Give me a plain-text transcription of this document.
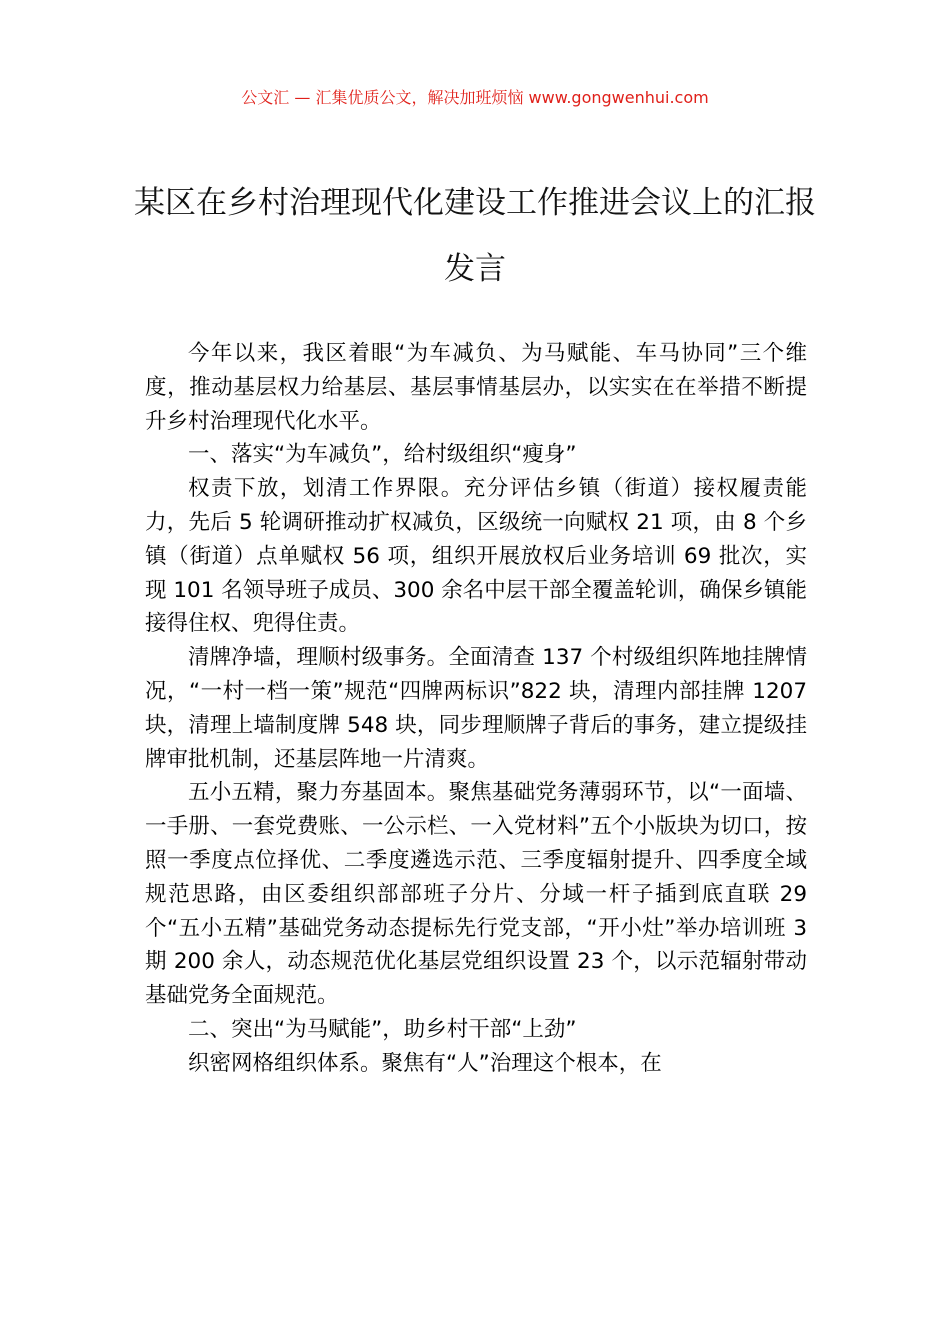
公文汇 — 汇集优质公文，解决加班烦恼 www.gongwenhui.com
某区在乡村治理现代化建设工作推进会议上的汇报发言

今年以来，我区着眼“为车减负、为马赋能、车马协同”三个维度，推动基层权力给基层、基层事情基层办，以实实在在举措不断提升乡村治理现代化水平。

一、落实“为车减负”，给村级组织“瘦身”

权责下放，划清工作界限。充分评估乡镇（街道）接权履责能力，先后 5 轮调研推动扩权减负，区级统一向赋权 21 项，由 8 个乡镇（街道）点单赋权 56 项，组织开展放权后业务培训 69 批次，实现 101 名领导班子成员、300 余名中层干部全覆盖轮训，确保乡镇能接得住权、兜得住责。

清牌净墙，理顺村级事务。全面清查 137 个村级组织阵地挂牌情况，“一村一档一策”规范“四牌两标识”822 块，清理内部挂牌 1207 块，清理上墙制度牌 548 块，同步理顺牌子背后的事务，建立提级挂牌审批机制，还基层阵地一片清爽。

五小五精，聚力夯基固本。聚焦基础党务薄弱环节，以“一面墙、一手册、一套党费账、一公示栏、一入党材料”五个小版块为切口，按照一季度点位择优、二季度遴选示范、三季度辐射提升、四季度全域规范思路，由区委组织部部班子分片、分域一杆子插到底直联 29 个“五小五精”基础党务动态提标先行党支部，“开小灶”举办培训班 3 期 200 余人，动态规范优化基层党组织设置 23 个，以示范辐射带动基础党务全面规范。

二、突出“为马赋能”，助乡村干部“上劲”

织密网格组织体系。聚焦有“人”治理这个根本，在
